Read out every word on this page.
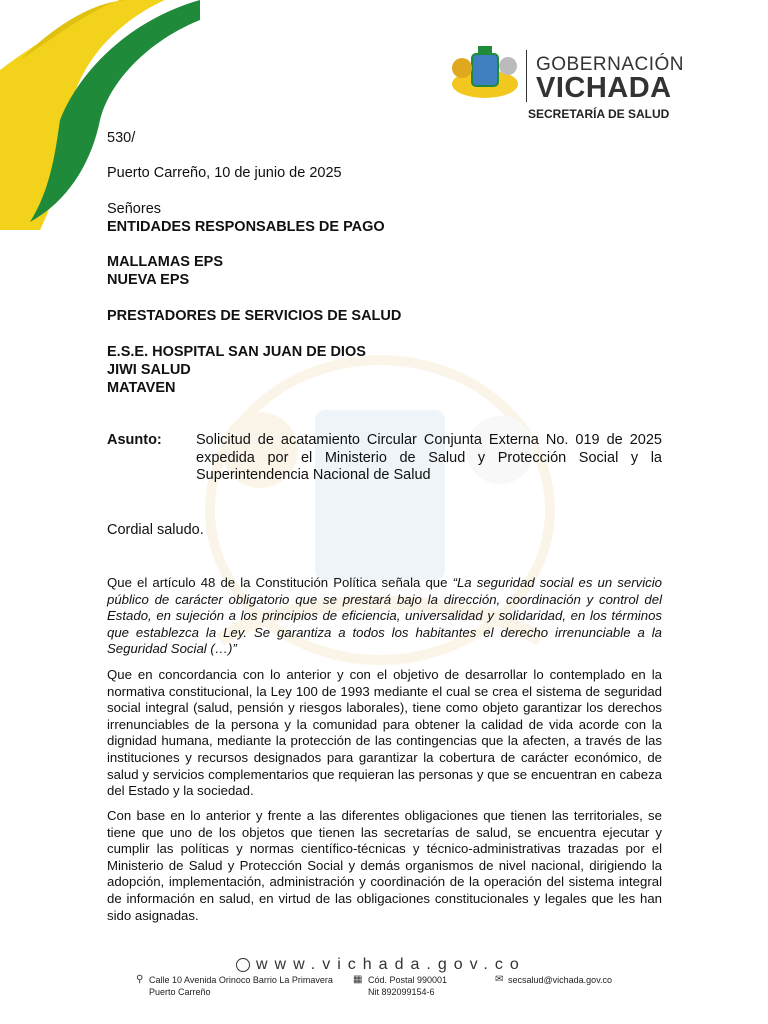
GOBERNACIÓN
VICHADA
SECRETARÍA DE SALUD
530/
Puerto Carreño, 10 de junio de 2025
Señores
ENTIDADES RESPONSABLES DE PAGO
MALLAMAS EPS
NUEVA EPS
PRESTADORES DE SERVICIOS DE SALUD
E.S.E. HOSPITAL SAN JUAN DE DIOS
JIWI SALUD
MATAVEN
Asunto: Solicitud de acatamiento Circular Conjunta Externa No. 019 de 2025 expedida por el Ministerio de Salud y Protección Social y la Superintendencia Nacional de Salud
Cordial saludo.
Que el artículo 48 de la Constitución Política señala que “La seguridad social es un servicio público de carácter obligatorio que se prestará bajo la dirección, coordinación y control del Estado, en sujeción a los principios de eficiencia, universalidad y solidaridad, en los términos que establezca la Ley. Se garantiza a todos los habitantes el derecho irrenunciable a la Seguridad Social (…)”
Que en concordancia con lo anterior y con el objetivo de desarrollar lo contemplado en la normativa constitucional, la Ley 100 de 1993 mediante el cual se crea el sistema de seguridad social integral (salud, pensión y riesgos laborales), tiene como objeto garantizar los derechos irrenunciables de la persona y la comunidad para obtener la calidad de vida acorde con la dignidad humana, mediante la protección de las contingencias que la afecten, a través de las instituciones y recursos designados para garantizar la cobertura de carácter económico, de salud y servicios complementarios que requieran las personas y que se encuentran en cabeza del Estado y la sociedad.
Con base en lo anterior y frente a las diferentes obligaciones que tienen las territoriales, se tiene que uno de los objetos que tienen las secretarías de salud, se encuentra ejecutar y cumplir las políticas y normas científico-técnicas y técnico-administrativas trazadas por el Ministerio de Salud y Protección Social y demás organismos de nivel nacional, dirigiendo la adopción, implementación, administración y coordinación de la operación del sistema integral de información en salud, en virtud de las obligaciones constitucionales y legales que les han sido asignadas.
www.vichada.gov.co
⚲ Calle 10 Avenida Orinoco Barrio La Primavera
Puerto Carreño
▦ Cód. Postal 990001
Nit 892099154-6
✉ secsalud@vichada.gov.co
